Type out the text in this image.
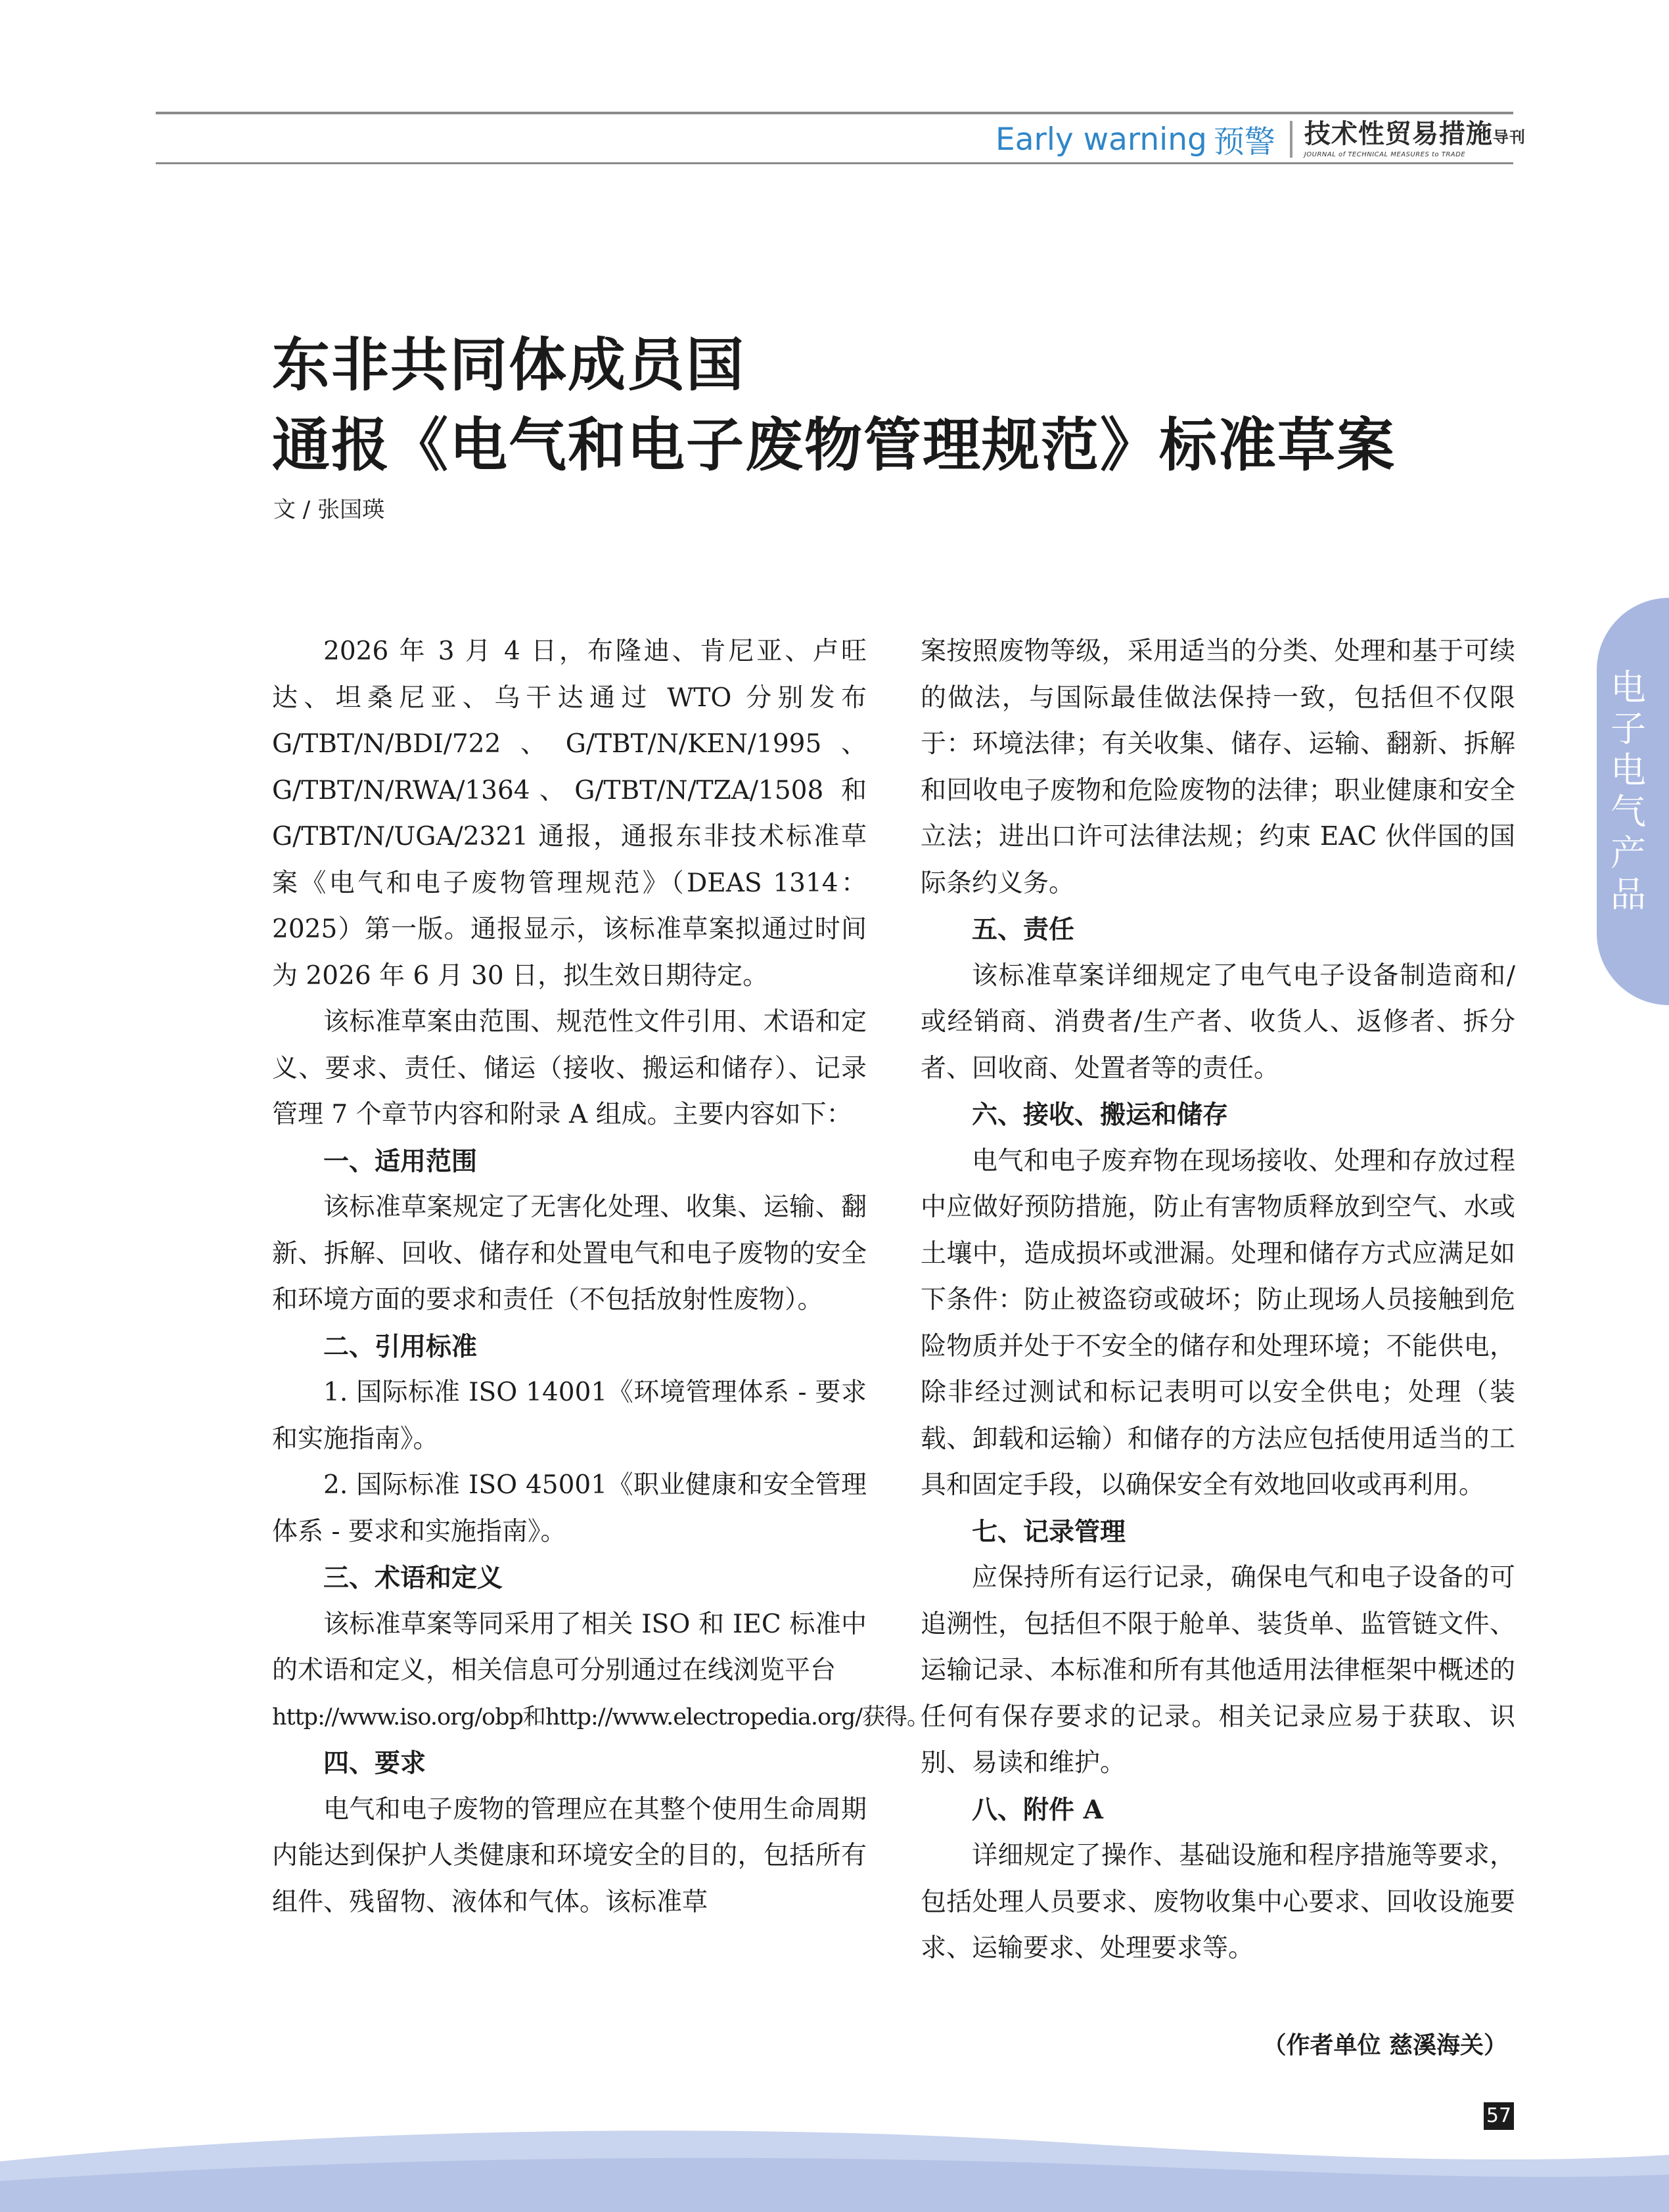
Early warning 预警 技术性贸易措施导刊
JOURNAL of TECHNICAL MEASURES to TRADE
东非共同体成员国
通报《电气和电子废物管理规范》标准草案
文 / 张国瑛
电
子
电
气
产
品

2026 年 3 月 4 日，布隆迪、肯尼亚、卢旺达、坦桑尼亚、乌干达通过 WTO 分别发布 G/TBT/N/BDI/722、G/TBT/N/KEN/1995、G/TBT/N/RWA/1364、G/TBT/N/TZA/1508 和 G/TBT/N/UGA/2321 通报，通报东非技术标准草案《电气和电子废物管理规范》（DEAS 1314：2025）第一版。通报显示，该标准草案拟通过时间为 2026 年 6 月 30 日，拟生效日期待定。

该标准草案由范围、规范性文件引用、术语和定义、要求、责任、储运（接收、搬运和储存）、记录管理 7 个章节内容和附录 A 组成。主要内容如下：

一、适用范围

该标准草案规定了无害化处理、收集、运输、翻新、拆解、回收、储存和处置电气和电子废物的安全和环境方面的要求和责任（不包括放射性废物）。

二、引用标准

1. 国际标准 ISO 14001《环境管理体系 - 要求和实施指南》。

2. 国际标准 ISO 45001《职业健康和安全管理体系 - 要求和实施指南》。

三、术语和定义

该标准草案等同采用了相关 ISO 和 IEC 标准中的术语和定义，相关信息可分别通过在线浏览平台

http://www.iso.org/obp和http://www.electropedia.org/获得。

四、要求

电气和电子废物的管理应在其整个使用生命周期内能达到保护人类健康和环境安全的目的，包括所有组件、残留物、液体和气体。该标准草

案按照废物等级，采用适当的分类、处理和基于可续的做法，与国际最佳做法保持一致，包括但不仅限于：环境法律；有关收集、储存、运输、翻新、拆解和回收电子废物和危险废物的法律；职业健康和安全立法；进出口许可法律法规；约束 EAC 伙伴国的国际条约义务。

五、责任

该标准草案详细规定了电气电子设备制造商和/或经销商、消费者/生产者、收货人、返修者、拆分者、回收商、处置者等的责任。

六、接收、搬运和储存

电气和电子废弃物在现场接收、处理和存放过程中应做好预防措施，防止有害物质释放到空气、水或土壤中，造成损坏或泄漏。处理和储存方式应满足如下条件：防止被盗窃或破坏；防止现场人员接触到危险物质并处于不安全的储存和处理环境；不能供电，除非经过测试和标记表明可以安全供电；处理（装载、卸载和运输）和储存的方法应包括使用适当的工具和固定手段，以确保安全有效地回收或再利用。

七、记录管理

应保持所有运行记录，确保电气和电子设备的可追溯性，包括但不限于舱单、装货单、监管链文件、运输记录、本标准和所有其他适用法律框架中概述的任何有保存要求的记录。相关记录应易于获取、识别、易读和维护。

八、附件 A

详细规定了操作、基础设施和程序措施等要求，包括处理人员要求、废物收集中心要求、回收设施要求、运输要求、处理要求等。

（作者单位 慈溪海关）
57
